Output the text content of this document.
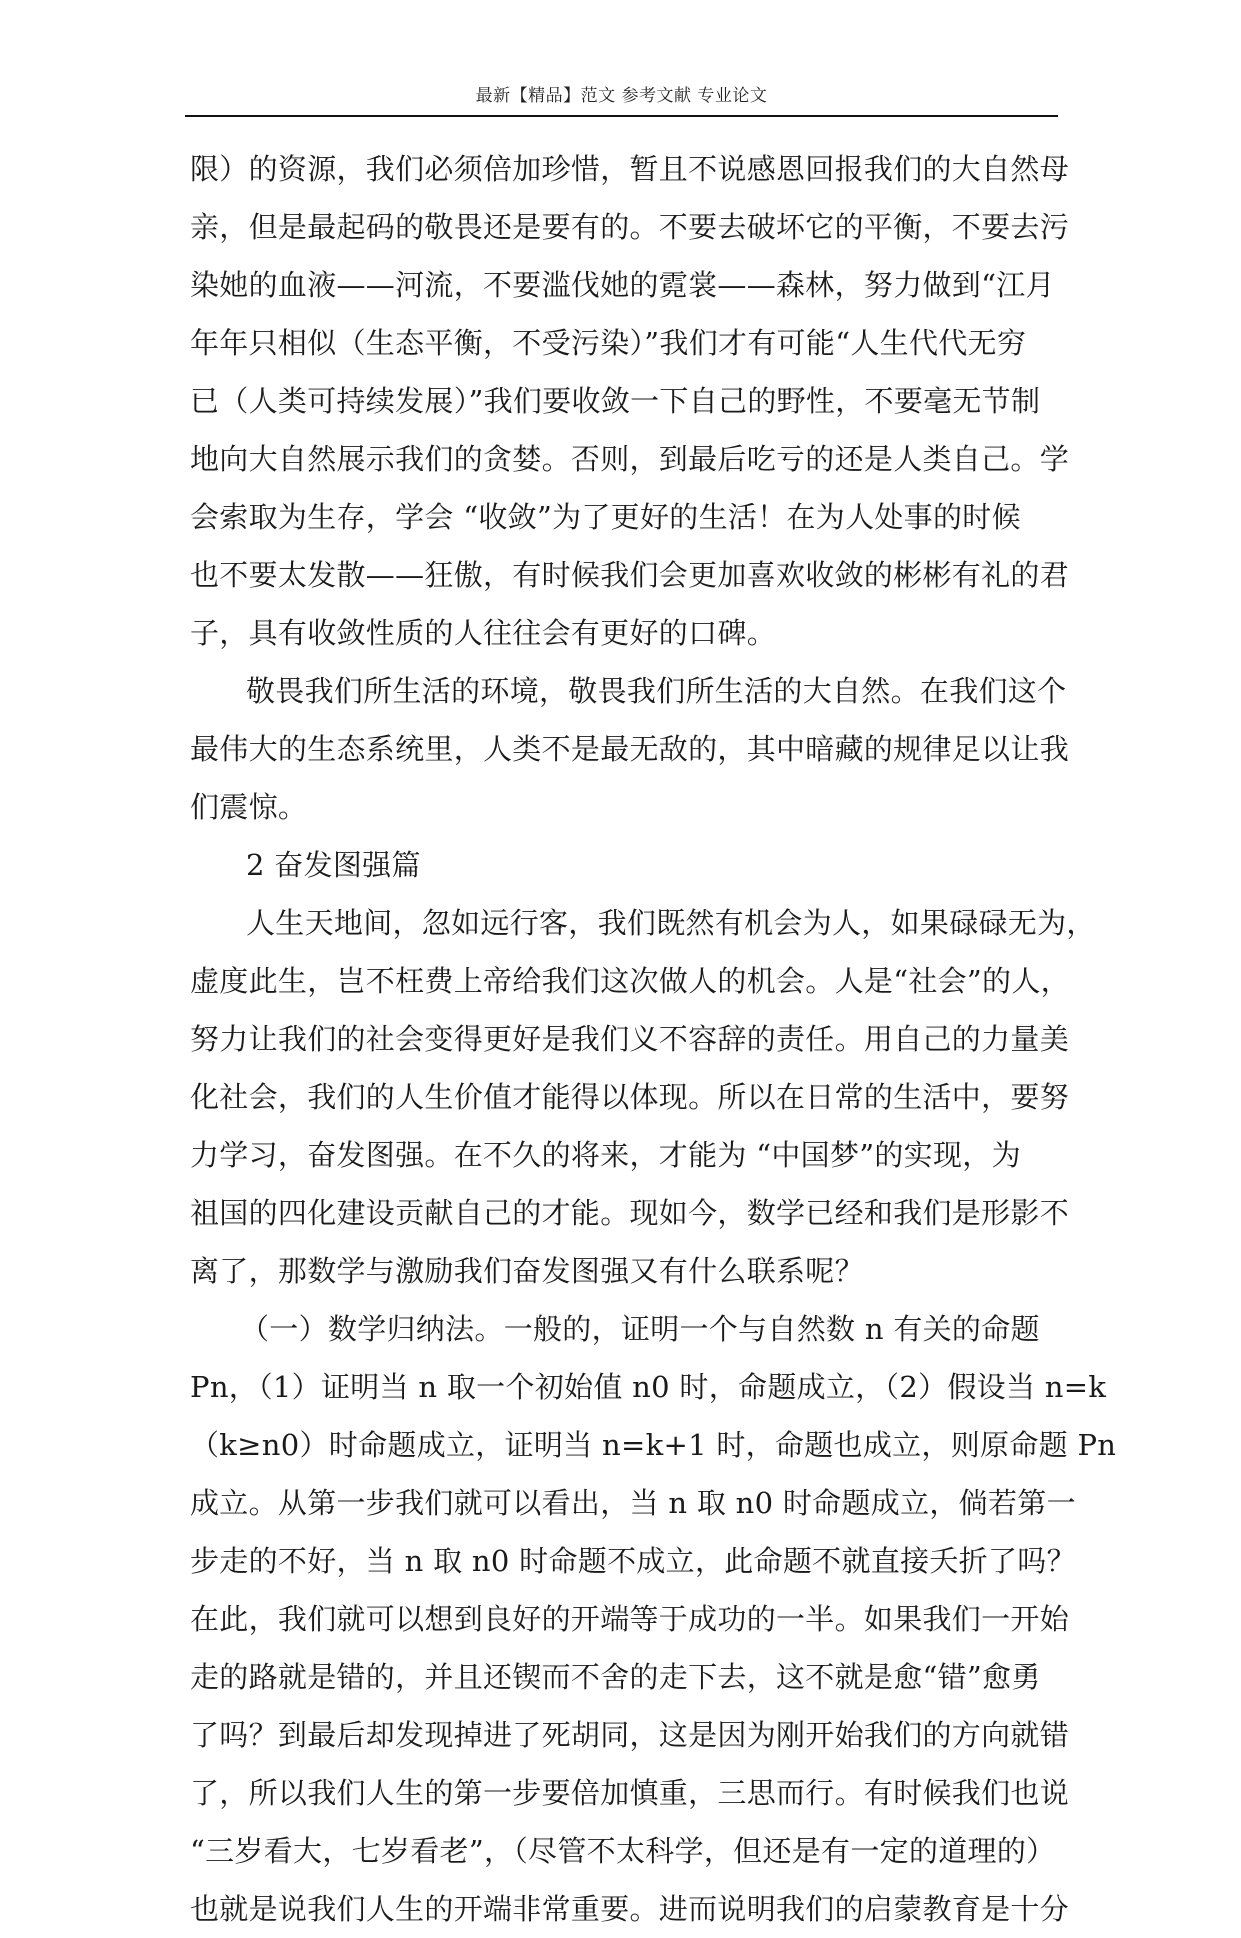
最新【精品】范文 参考文献 专业论文
限）的资源，我们必须倍加珍惜，暂且不说感恩回报我们的大自然母
亲，但是最起码的敬畏还是要有的。不要去破坏它的平衡，不要去污
染她的血液——河流，不要滥伐她的霓裳——森林，努力做到“江月
年年只相似（生态平衡，不受污染）”我们才有可能“人生代代无穷
已（人类可持续发展）”我们要收敛一下自己的野性，不要毫无节制
地向大自然展示我们的贪婪。否则，到最后吃亏的还是人类自己。学
会索取为生存，学会 “收敛”为了更好的生活！在为人处事的时候
也不要太发散——狂傲，有时候我们会更加喜欢收敛的彬彬有礼的君
子，具有收敛性质的人往往会有更好的口碑。
敬畏我们所生活的环境，敬畏我们所生活的大自然。在我们这个
最伟大的生态系统里，人类不是最无敌的，其中暗藏的规律足以让我
们震惊。
2 奋发图强篇
人生天地间，忽如远行客，我们既然有机会为人，如果碌碌无为，
虚度此生，岂不枉费上帝给我们这次做人的机会。人是“社会”的人，
努力让我们的社会变得更好是我们义不容辞的责任。用自己的力量美
化社会，我们的人生价值才能得以体现。所以在日常的生活中，要努
力学习，奋发图强。在不久的将来，才能为 “中国梦”的实现，为
祖国的四化建设贡献自己的才能。现如今，数学已经和我们是形影不
离了，那数学与激励我们奋发图强又有什么联系呢？
（一）数学归纳法。一般的，证明一个与自然数 n 有关的命题
Pn，（1）证明当 n 取一个初始值 n0 时，命题成立，（2）假设当 n=k
（k≥n0）时命题成立，证明当 n=k+1 时，命题也成立，则原命题 Pn
成立。从第一步我们就可以看出，当 n 取 n0 时命题成立，倘若第一
步走的不好，当 n 取 n0 时命题不成立，此命题不就直接夭折了吗？
在此，我们就可以想到良好的开端等于成功的一半。如果我们一开始
走的路就是错的，并且还锲而不舍的走下去，这不就是愈“错”愈勇
了吗？到最后却发现掉进了死胡同，这是因为刚开始我们的方向就错
了，所以我们人生的第一步要倍加慎重，三思而行。有时候我们也说
“三岁看大，七岁看老”，（尽管不太科学，但还是有一定的道理的）
也就是说我们人生的开端非常重要。进而说明我们的启蒙教育是十分
